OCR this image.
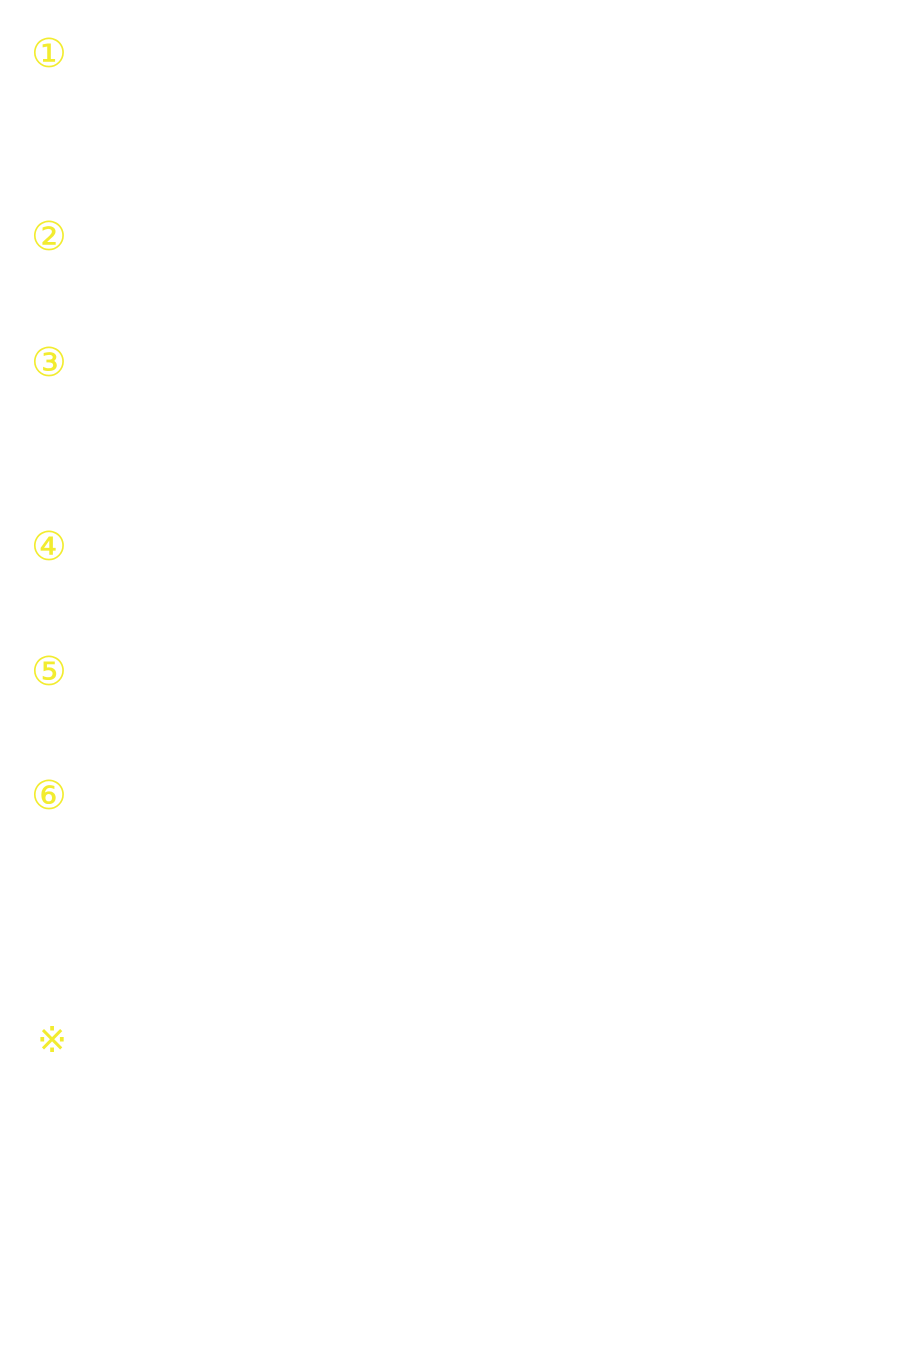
①
②
③
④
⑤
⑥
※
